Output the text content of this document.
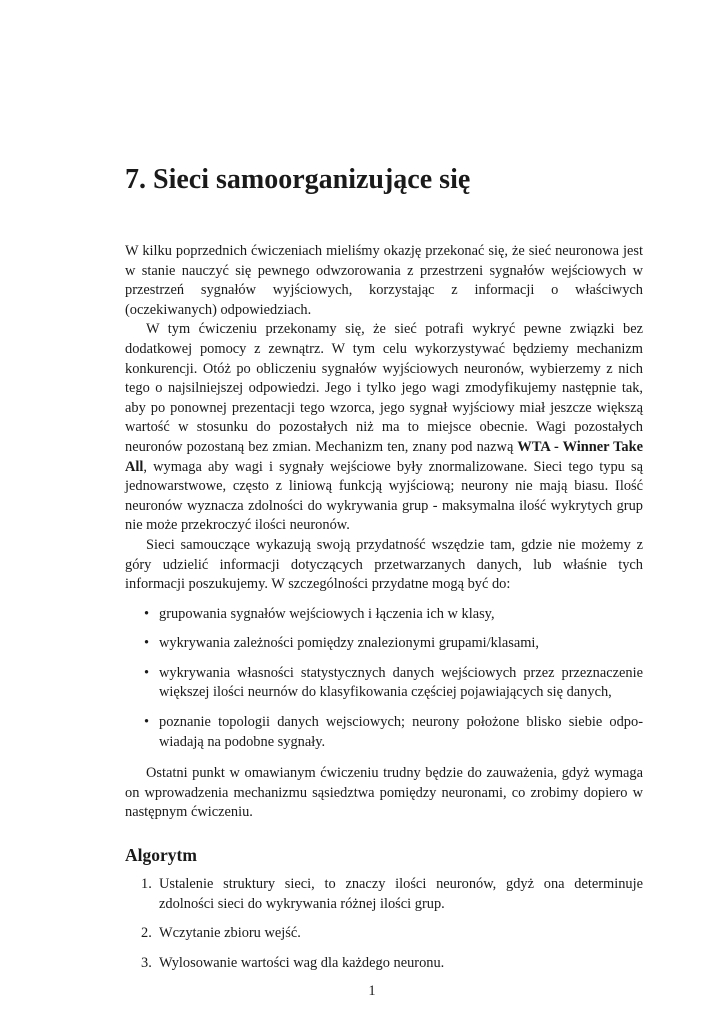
7. Sieci samoorganizujące się

W kilku poprzednich ćwiczeniach mieliśmy okazję przekonać się, że sieć neuronowa jest w stanie nauczyć się pewnego odwzorowania z przestrzeni sygnałów wejściowych w przestrzeń sygnałów wyjściowych, korzystając z informacji o właściwych (oczekiwanych) odpowiedziach.

W tym ćwiczeniu przekonamy się, że sieć potrafi wykryć pewne związki bez dodatkowej pomocy z zewnątrz. W tym celu wykorzystywać będziemy mechanizm konkurencji. Otóż po obliczeniu sygnałów wyjściowych neuronów, wybierzemy z nich tego o najsilniejszej odpowiedzi. Jego i tylko jego wagi zmodyfikujemy następnie tak, aby po ponownej prezentacji tego wzorca, jego sygnał wyjściowy miał jeszcze większą wartość w stosunku do pozostałych niż ma to miejsce obecnie. Wagi pozostałych neuronów pozostaną bez zmian. Mechanizm ten, znany pod nazwą WTA - Winner Take All, wymaga aby wagi i sygnały wejściowe były znormalizowane. Sieci tego typu są jednowarstwowe, często z liniową funkcją wyjściową; neurony nie mają biasu. Ilość neuronów wyznacza zdolności do wykrywania grup - maksymalna ilość wykrytych grup nie może przekroczyć ilości neuronów.

Sieci samouczące wykazują swoją przydatność wszędzie tam, gdzie nie możemy z góry udzielić informacji dotyczących przetwarzanych danych, lub właśnie tych informacji poszukujemy. W szczególności przydatne mogą być do:

• grupowania sygnałów wejściowych i łączenia ich w klasy,
• wykrywania zależności pomiędzy znalezionymi grupami/klasami,
• wykrywania własności statystycznych danych wejściowych przez przeznaczenie większej ilości neurnów do klasyfikowania częściej pojawiających się danych,
• poznanie topologii danych wejsciowych; neurony położone blisko siebie odpowiadają na podobne sygnały.

Ostatni punkt w omawianym ćwiczeniu trudny będzie do zauważenia, gdyż wymaga on wprowadzenia mechanizmu sąsiedztwa pomiędzy neuronami, co zrobimy dopiero w następnym ćwiczeniu.

Algorytm
1. Ustalenie struktury sieci, to znaczy ilości neuronów, gdyż ona determinuje zdolności sieci do wykrywania różnej ilości grup.
2. Wczytanie zbioru wejść.
3. Wylosowanie wartości wag dla każdego neuronu.
1
